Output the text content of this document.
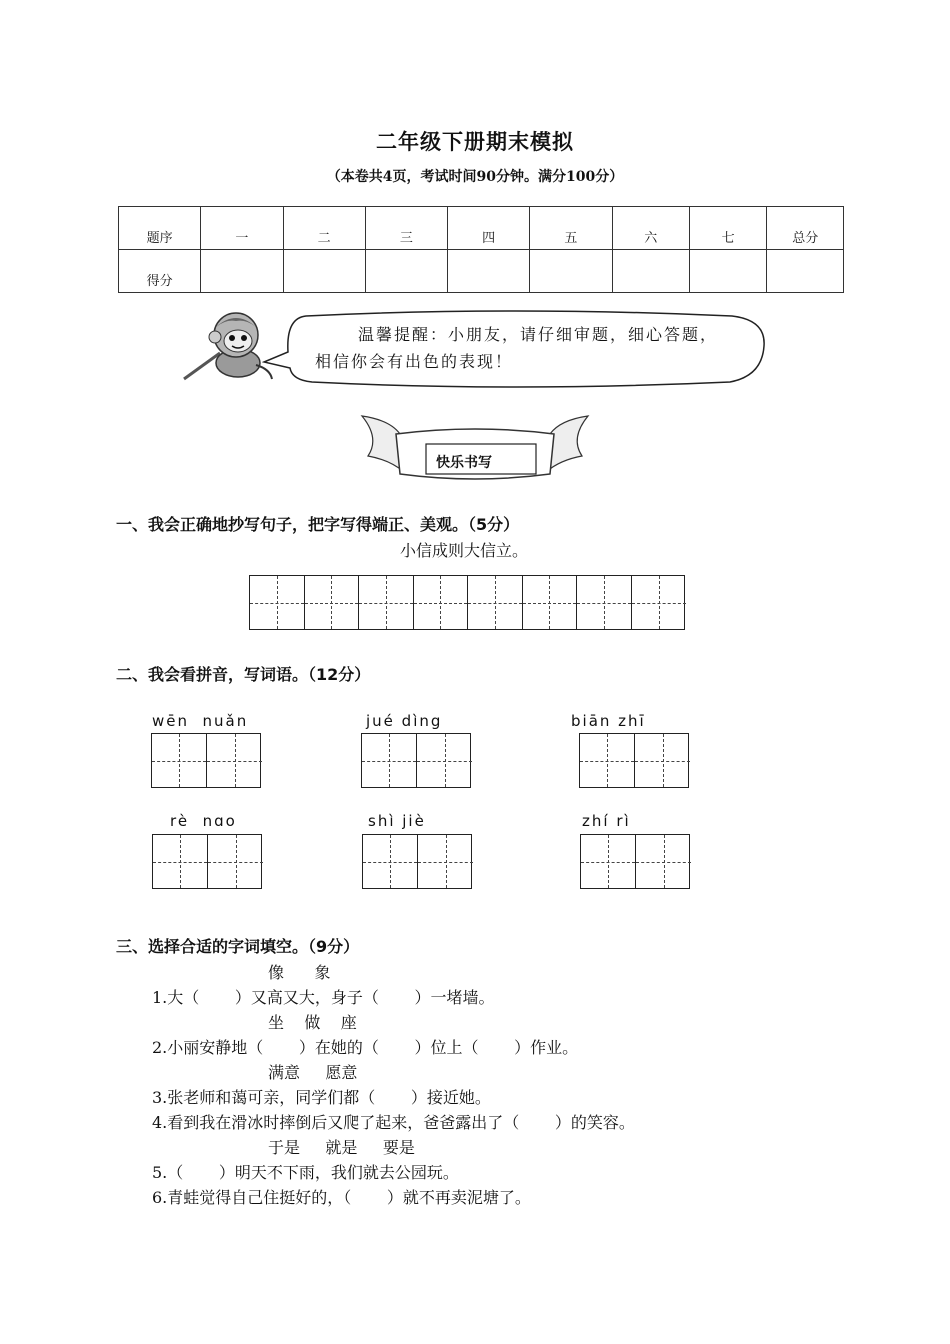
二年级下册期末模拟
（本卷共4页，考试时间90分钟。满分100分）
题序	一	二	三	四	五	六	七	总分
得分								
温馨提醒：小朋友，请仔细审题，细心答题，
相信你会有出色的表现！
快乐书写
一、我会正确地抄写句子，把字写得端正、美观。（5分）
小信成则大信立。
二、我会看拼音，写词语。（12分）
wēn  nuǎn	jué dìng	biān zhī
rè  nɑo	shì jiè	zhí rì
三、选择合适的字词填空。（9分）
像      象
1.大（       ）又高又大，身子（       ）一堵墙。
坐    做    座
2.小丽安静地（       ）在她的（       ）位上（       ）作业。
满意     愿意
3.张老师和蔼可亲，同学们都（       ）接近她。
4.看到我在滑冰时摔倒后又爬了起来，爸爸露出了（       ）的笑容。
于是     就是     要是
5.（       ）明天不下雨，我们就去公园玩。
6.青蛙觉得自己住挺好的，（       ）就不再卖泥塘了。
